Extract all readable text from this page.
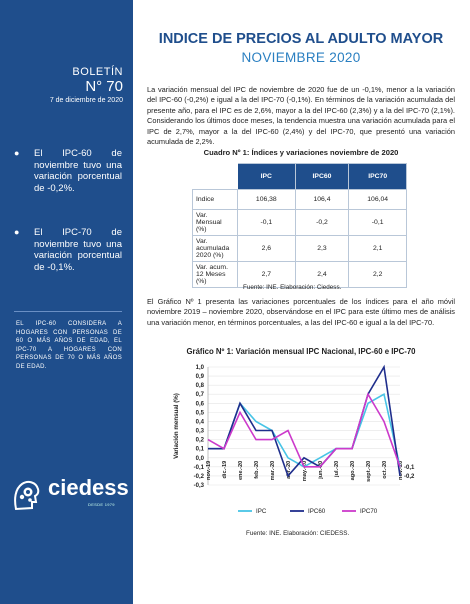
BOLETÍN
N° 70
7 de diciembre de 2020
●	El IPC-60 de noviembre tuvo una variación porcentual de -0,2%.
●	El IPC-70 de noviembre tuvo una variación porcentual de -0,1%.
EL IPC-60 CONSIDERA A HOGARES CON PERSONAS DE 60 O MÁS AÑOS DE EDAD, EL IPC-70 A HOGARES CON PERSONAS DE 70 O MÁS AÑOS DE EDAD.
ciedess
DESDE 1979
INDICE DE PRECIOS AL ADULTO MAYOR
NOVIEMBRE 2020
La variación mensual del IPC de noviembre de 2020 fue de un -0,1%, menor a la variación del IPC-60 (-0,2%) e igual a la del IPC-70 (-0,1%). En términos de la variación acumulada del presente año, para el IPC es de 2,6%, mayor a la del IPC-60 (2,3%) y a la del IPC-70 (2,1%). Considerando los últimos doce meses, la tendencia muestra una variación acumulada para el IPC de 2,7%, mayor a la del IPC-60 (2,4%) y del IPC-70, que presentó una variación acumulada de 2,2%.
Cuadro Nº 1: Índices y variaciones noviembre de 2020
	IPC	IPC60	IPC70
Indice	106,38	106,4	106,04
Var. Mensual (%)	-0,1	-0,2	-0,1
Var. acumulada 2020 (%)	2,6	2,3	2,1
Var. acum. 12 Meses (%)	2,7	2,4	2,2
Fuente: INE. Elaboración: Ciedess.
El Gráfico Nº 1 presenta las variaciones porcentuales de los índices para el año móvil noviembre 2019 – noviembre 2020, observándose en el IPC para este último mes de análisis una variación menor, en términos porcentuales, a las del IPC-60 e igual a la del IPC-70.
Gráfico Nº 1: Variación mensual IPC Nacional, IPC-60 e IPC-70
1,0
0,9
0,8
0,7
0,6
0,5
0,4
0,3
0,2
0,1
0,0
-0,1
-0,2
-0,3
Variación mensual (%)
nov.-19 dic.-19 ene.-20 feb.-20 mar.-20 abr.-20 may.-20 jun.-20 jul.-20 ago.-20 sept.-20 oct.-20 nov.-20 -0,1
-0,2
IPC	IPC60	IPC70
Fuente: INE. Elaboración: CIEDESS.
